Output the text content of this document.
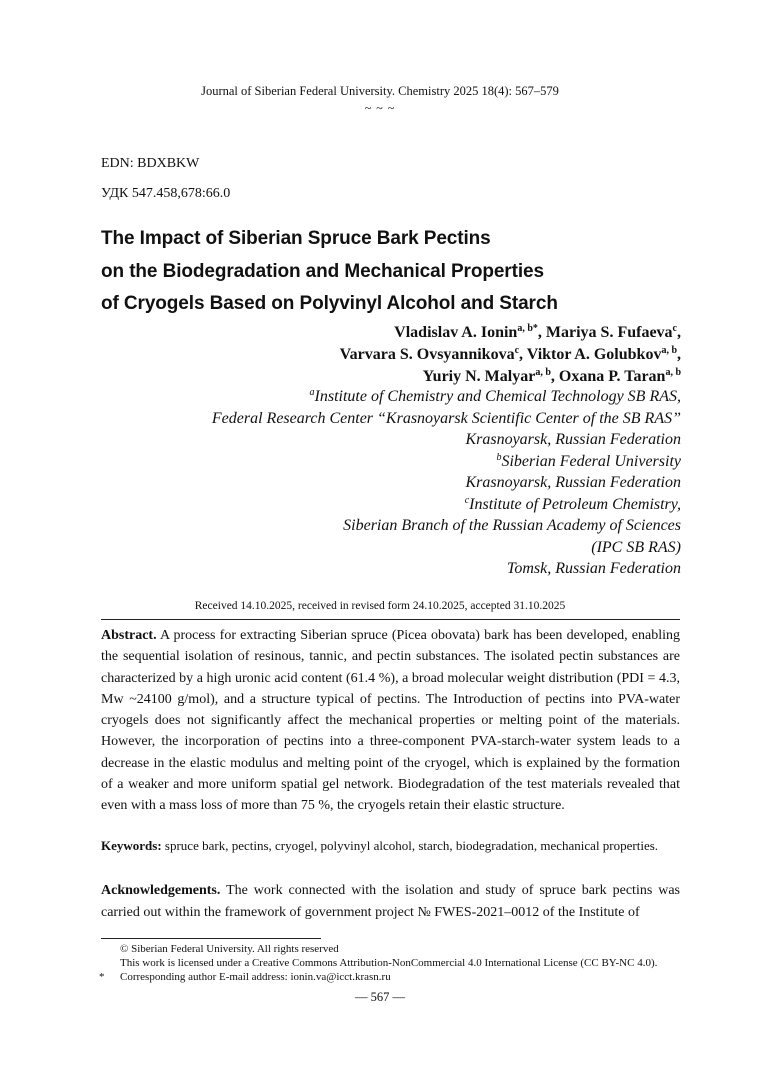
Journal of Siberian Federal University. Chemistry 2025 18(4): 567–579
~ ~ ~
EDN: BDXBKW
УДК 547.458,678:66.0
The Impact of Siberian Spruce Bark Pectins
on the Biodegradation and Mechanical Properties
of Cryogels Based on Polyvinyl Alcohol and Starch
Vladislav A. Ionin$^{a, b*}$, Mariya S. Fufaeva$^c$,
Varvara S. Ovsyannikova$^c$, Viktor A. Golubkov$^{a, b}$,
Yuriy N. Malyar$^{a, b}$, Oxana P. Taran$^{a, b}$
$^a$Institute of Chemistry and Chemical Technology SB RAS,
Federal Research Center “Krasnoyarsk Scientific Center of the SB RAS”
Krasnoyarsk, Russian Federation
$^b$Siberian Federal University
Krasnoyarsk, Russian Federation
$^c$Institute of Petroleum Chemistry,
Siberian Branch of the Russian Academy of Sciences
(IPC SB RAS)
Tomsk, Russian Federation
Received 14.10.2025, received in revised form 24.10.2025, accepted 31.10.2025
Abstract. A process for extracting Siberian spruce (Picea obovata) bark has been developed, enabling the sequential isolation of resinous, tannic, and pectin substances. The isolated pectin substances are characterized by a high uronic acid content (61.4 %), a broad molecular weight distribution (PDI = 4.3, Mw ~24100 g/mol), and a structure typical of pectins. The Introduction of pectins into PVA-water cryogels does not significantly affect the mechanical properties or melting point of the materials. However, the incorporation of pectins into a three-component PVA-starch-water system leads to a decrease in the elastic modulus and melting point of the cryogel, which is explained by the formation of a weaker and more uniform spatial gel network. Biodegradation of the test materials revealed that even with a mass loss of more than 75 %, the cryogels retain their elastic structure.
Keywords: spruce bark, pectins, cryogel, polyvinyl alcohol, starch, biodegradation, mechanical properties.
Acknowledgements. The work connected with the isolation and study of spruce bark pectins was carried out within the framework of government project № FWES-2021–0012 of the Institute of
© Siberian Federal University. All rights reserved
This work is licensed under a Creative Commons Attribution-NonCommercial 4.0 International License (CC BY-NC 4.0).
* Corresponding author E-mail address: ionin.va@icct.krasn.ru
— 567 —
